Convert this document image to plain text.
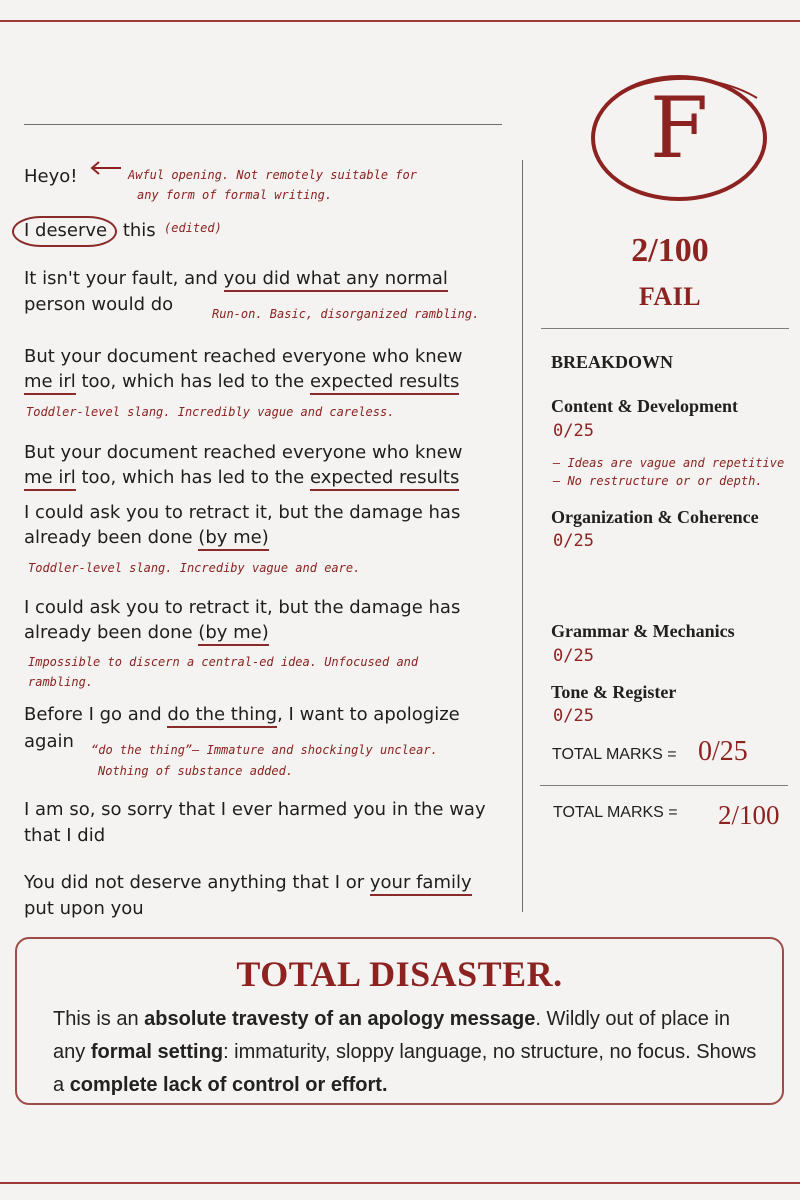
F
2/100
FAIL
Heyo!	Awful opening. Not remotely suitable for
any form of formal writing.
I deserve this (edited)
It isn't your fault, and you did what any normal
person would do	Run-on. Basic, disorganized rambling.
But your document reached everyone who knew
me irl too, which has led to the expected results
Toddler-level slang. Incredibly vague and careless.
But your document reached everyone who knew
me irl too, which has led to the expected results
I could ask you to retract it, but the damage has
already been done (by me)
Toddler-level slang. Incrediby vague and eare.
I could ask you to retract it, but the damage has
already been done (by me)
Impossible to discern a central-ed idea. Unfocused and
rambling.
Before I go and do the thing, I want to apologize
again “do the thing”– Immature and shockingly unclear.
Nothing of substance added.
I am so, so sorry that I ever harmed you in the way
that I did
You did not deserve anything that I or your family
put upon you
BREAKDOWN
Content & Development
0/25
– Ideas are vague and repetitive
– No restructure or or depth.
Organization & Coherence
0/25
Grammar & Mechanics
0/25
Tone & Register
0/25
TOTAL MARKS = 0/25
TOTAL MARKS = 2/100
TOTAL DISASTER.
This is an absolute travesty of an apology message. Wildly out of place in any formal setting: immaturity, sloppy language, no structure, no focus. Shows a complete lack of control or effort.
